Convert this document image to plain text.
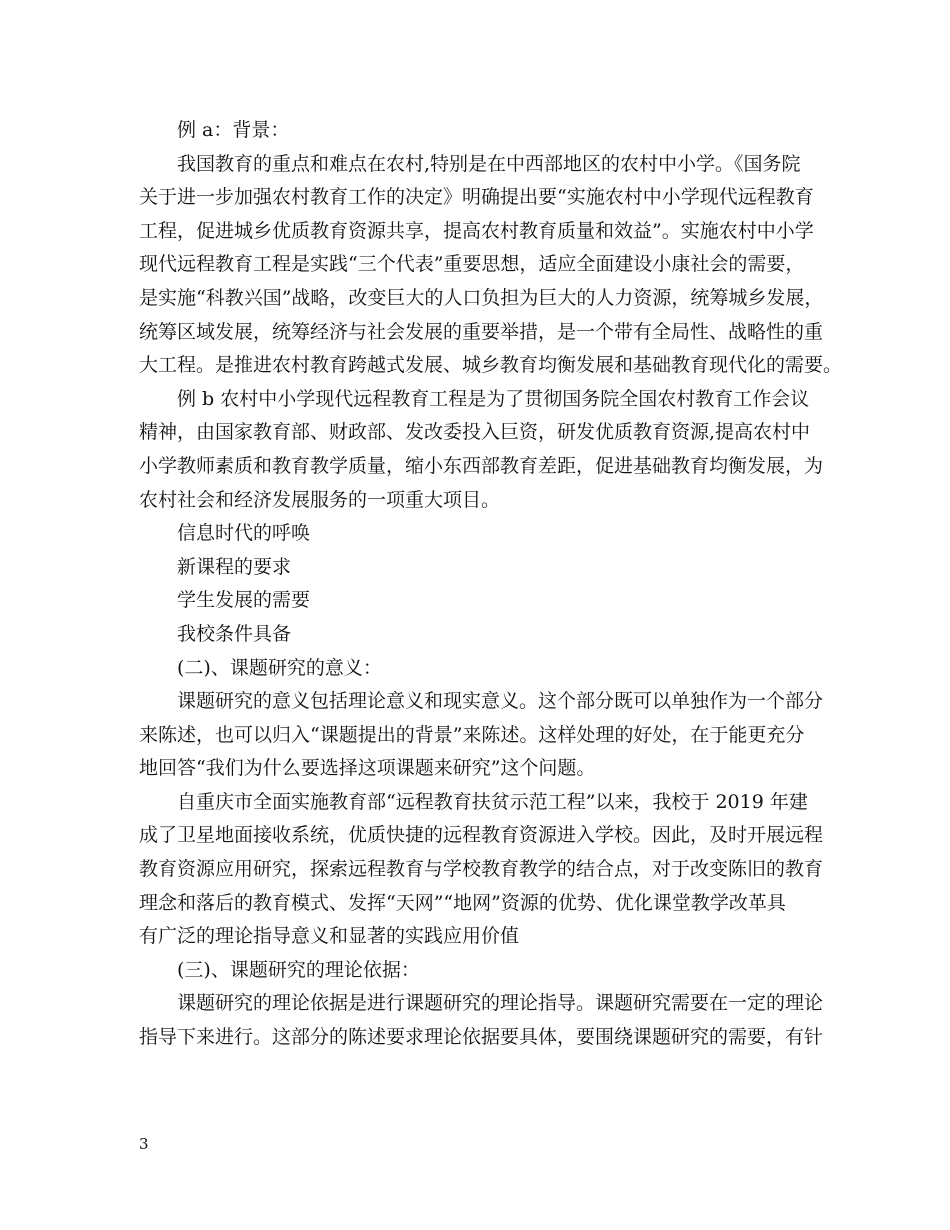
例 a：背景：
我国教育的重点和难点在农村,特别是在中西部地区的农村中小学。《国务院
关于进一步加强农村教育工作的决定》明确提出要“实施农村中小学现代远程教育
工程，促进城乡优质教育资源共享，提高农村教育质量和效益”。实施农村中小学
现代远程教育工程是实践“三个代表”重要思想，适应全面建设小康社会的需要，
是实施“科教兴国”战略，改变巨大的人口负担为巨大的人力资源，统筹城乡发展，
统筹区域发展，统筹经济与社会发展的重要举措，是一个带有全局性、战略性的重
大工程。是推进农村教育跨越式发展、城乡教育均衡发展和基础教育现代化的需要。
例 b 农村中小学现代远程教育工程是为了贯彻国务院全国农村教育工作会议
精神，由国家教育部、财政部、发改委投入巨资，研发优质教育资源,提高农村中
小学教师素质和教育教学质量，缩小东西部教育差距，促进基础教育均衡发展，为
农村社会和经济发展服务的一项重大项目。
信息时代的呼唤
新课程的要求
学生发展的需要
我校条件具备
(二)、课题研究的意义：
课题研究的意义包括理论意义和现实意义。这个部分既可以单独作为一个部分
来陈述，也可以归入“课题提出的背景”来陈述。这样处理的好处，在于能更充分
地回答“我们为什么要选择这项课题来研究”这个问题。
自重庆市全面实施教育部“远程教育扶贫示范工程”以来，我校于 2019 年建
成了卫星地面接收系统，优质快捷的远程教育资源进入学校。因此，及时开展远程
教育资源应用研究，探索远程教育与学校教育教学的结合点，对于改变陈旧的教育
理念和落后的教育模式、发挥“天网”“地网”资源的优势、优化课堂教学改革具
有广泛的理论指导意义和显著的实践应用价值
(三)、课题研究的理论依据：
课题研究的理论依据是进行课题研究的理论指导。课题研究需要在一定的理论
指导下来进行。这部分的陈述要求理论依据要具体，要围绕课题研究的需要，有针
3
